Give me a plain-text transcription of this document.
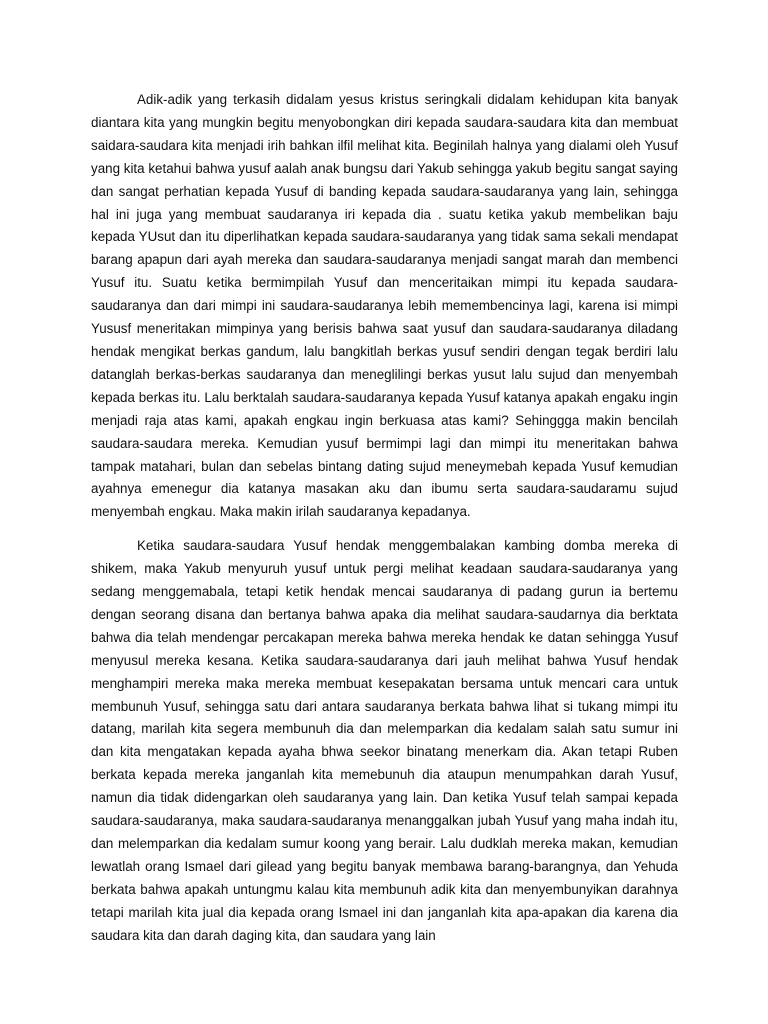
Adik-adik yang terkasih didalam yesus kristus seringkali didalam kehidupan kita banyak diantara kita yang mungkin begitu menyobongkan diri kepada saudara-saudara kita dan membuat saidara-saudara kita menjadi irih bahkan ilfil melihat kita. Beginilah halnya yang dialami oleh Yusuf yang kita ketahui bahwa yusuf aalah anak bungsu dari Yakub sehingga yakub begitu sangat saying dan sangat perhatian kepada Yusuf di banding kepada saudara-saudaranya yang lain, sehingga hal ini juga yang membuat saudaranya iri kepada dia . suatu ketika yakub membelikan baju kepada YUsut dan itu diperlihatkan kepada saudara-saudaranya yang tidak sama sekali mendapat barang apapun dari ayah mereka dan saudara-saudaranya menjadi sangat marah dan membenci Yusuf itu. Suatu ketika bermimpilah Yusuf dan menceritaikan mimpi itu kepada saudara-saudaranya dan dari mimpi ini saudara-saudaranya lebih memembencinya lagi, karena isi mimpi Yususf meneritakan mimpinya yang berisis bahwa saat yusuf dan saudara-saudaranya diladang hendak mengikat berkas gandum, lalu bangkitlah berkas yusuf sendiri dengan tegak berdiri lalu datanglah berkas-berkas saudaranya dan meneglilingi berkas yusut lalu sujud dan menyembah kepada berkas itu. Lalu berktalah saudara-saudaranya kepada Yusuf katanya apakah engaku ingin menjadi raja atas kami, apakah engkau ingin berkuasa atas kami? Sehinggga makin bencilah saudara-saudara mereka. Kemudian yusuf bermimpi lagi dan mimpi itu meneritakan bahwa tampak matahari, bulan dan sebelas bintang dating sujud meneymebah kepada Yusuf kemudian ayahnya emenegur dia katanya masakan aku dan ibumu serta saudara-saudaramu sujud menyembah engkau. Maka makin irilah saudaranya kepadanya.

Ketika saudara-saudara Yusuf hendak menggembalakan kambing domba mereka di shikem, maka Yakub menyuruh yusuf untuk pergi melihat keadaan saudara-saudaranya yang sedang menggemabala, tetapi ketik hendak mencai saudaranya di padang gurun ia bertemu dengan seorang disana dan bertanya bahwa apaka dia melihat saudara-saudarnya dia berktata bahwa dia telah mendengar percakapan mereka bahwa mereka hendak ke datan sehingga Yusuf menyusul mereka kesana. Ketika saudara-saudaranya dari jauh melihat bahwa Yusuf hendak menghampiri mereka maka mereka membuat kesepakatan bersama untuk mencari cara untuk membunuh Yusuf, sehingga satu dari antara saudaranya berkata bahwa lihat si tukang mimpi itu datang, marilah kita segera membunuh dia dan melemparkan dia kedalam salah satu sumur ini dan kita mengatakan kepada ayaha bhwa seekor binatang menerkam dia. Akan tetapi Ruben berkata kepada mereka janganlah kita memebunuh dia ataupun menumpahkan darah Yusuf, namun dia tidak didengarkan oleh saudaranya yang lain. Dan ketika Yusuf telah sampai kepada saudara-saudaranya, maka saudara-saudaranya menanggalkan jubah Yusuf yang maha indah itu, dan melemparkan dia kedalam sumur koong yang berair. Lalu dudklah mereka makan, kemudian lewatlah orang Ismael dari gilead yang begitu banyak membawa barang-barangnya, dan Yehuda berkata bahwa apakah untungmu kalau kita membunuh adik kita dan menyembunyikan darahnya tetapi marilah kita jual dia kepada orang Ismael ini dan janganlah kita apa-apakan dia karena dia saudara kita dan darah daging kita, dan saudara yang lain
